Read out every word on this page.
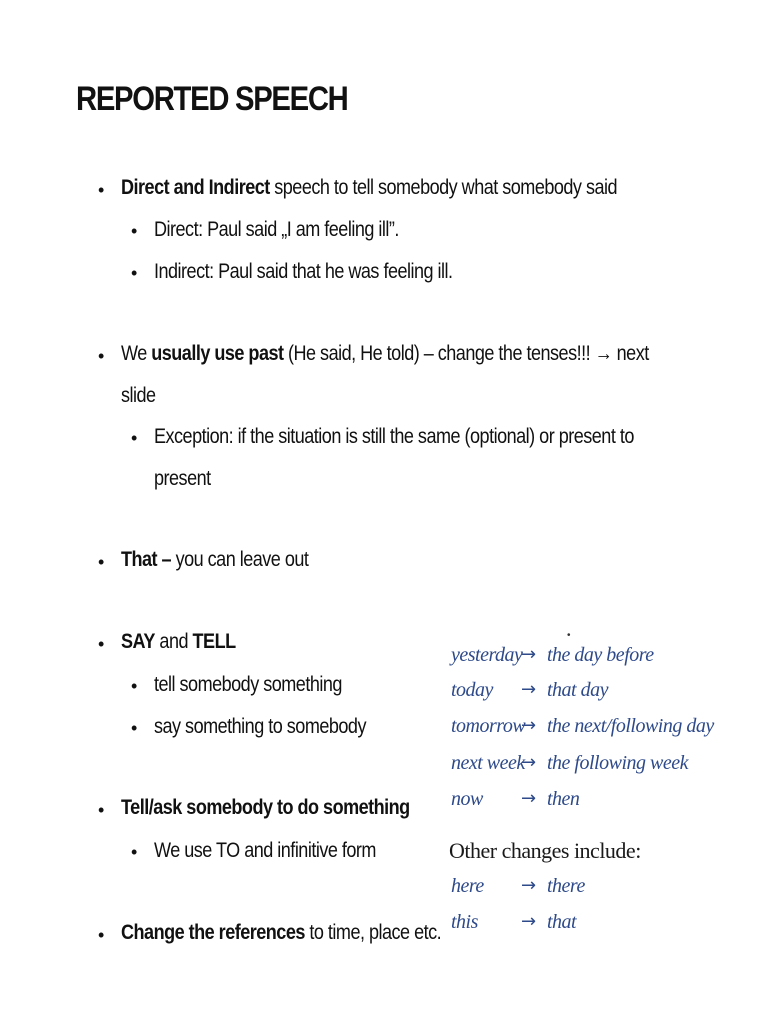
REPORTED SPEECH
• Direct and Indirect speech to tell somebody what somebody said
• Direct: Paul said „I am feeling ill”.
• Indirect: Paul said that he was feeling ill.
• We usually use past (He said, He told) – change the tenses!!! → next
slide
• Exception: if the situation is still the same (optional) or present to
present
• That – you can leave out
• SAY and TELL
• tell somebody something
• say something to somebody
• Tell/ask somebody to do something
• We use TO and infinitive form
• Change the references to time, place etc.
•
yesterday
→ the day before
today → that day
tomorrow
→ the next/following day
next week
→ the following week
now → then
Other changes include:
here → there
this → that
